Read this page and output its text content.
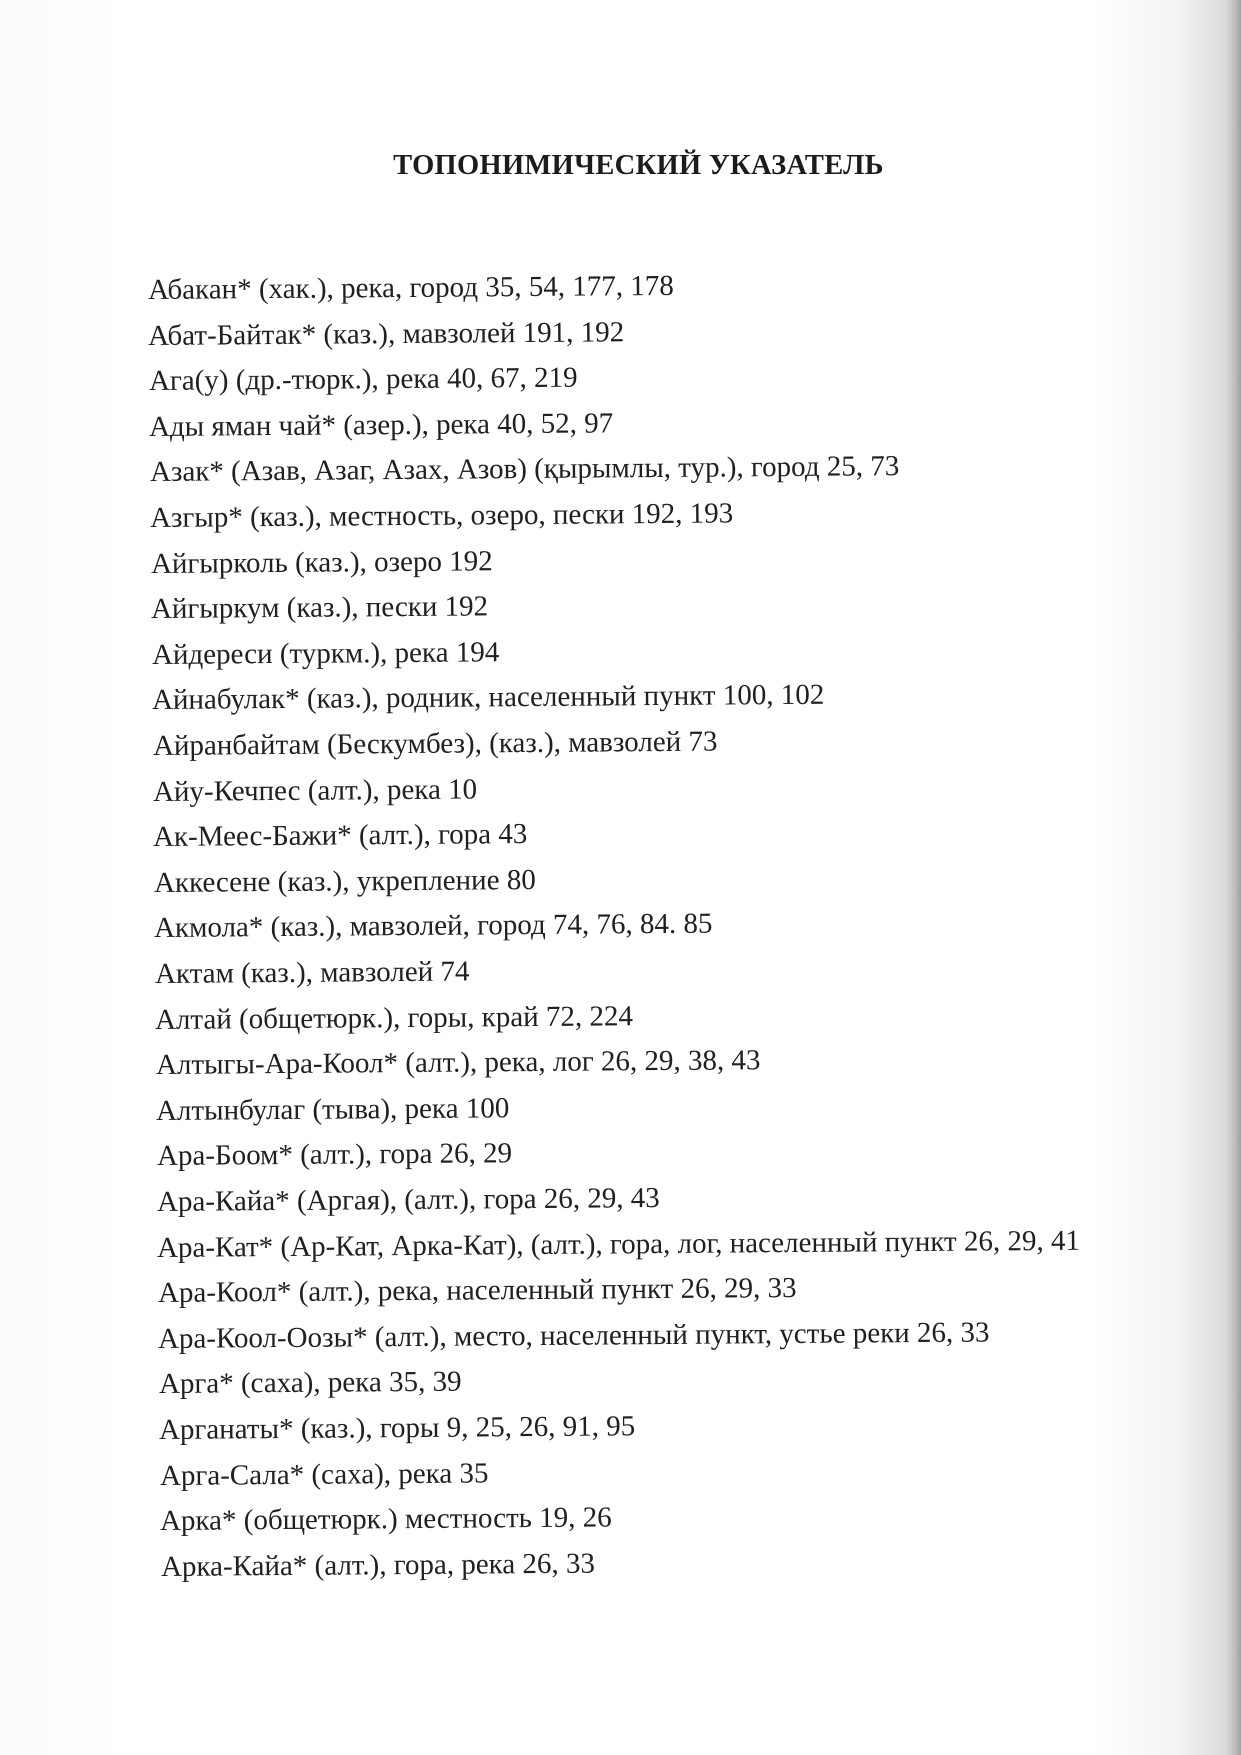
ТОПОНИМИЧЕСКИЙ УКАЗАТЕЛЬ
Абакан* (хак.), река, город 35, 54, 177, 178
Абат-Байтак* (каз.), мавзолей 191, 192
Ага(у) (др.-тюрк.), река 40, 67, 219
Ады яман чай* (азер.), река 40, 52, 97
Азак* (Азав, Азаг, Азах, Азов) (қырымлы, тур.), город 25, 73
Азгыр* (каз.), местность, озеро, пески 192, 193
Айгырколь (каз.), озеро 192
Айгыркум (каз.), пески 192
Айдереси (туркм.), река 194
Айнабулак* (каз.), родник, населенный пункт 100, 102
Айранбайтам (Бескумбез), (каз.), мавзолей 73
Айу-Кечпес (алт.), река 10
Ак-Меес-Бажи* (алт.), гора 43
Аккесене (каз.), укрепление 80
Акмола* (каз.), мавзолей, город 74, 76, 84. 85
Актам (каз.), мавзолей 74
Алтай (общетюрк.), горы, край 72, 224
Алтыгы-Ара-Коол* (алт.), река, лог 26, 29, 38, 43
Алтынбулаг (тыва), река 100
Ара-Боом* (алт.), гора 26, 29
Ара-Кайа* (Аргая), (алт.), гора 26, 29, 43
Ара-Кат* (Ар-Кат, Арка-Кат), (алт.), гора, лог, населенный пункт 26, 29, 41
Ара-Коол* (алт.), река, населенный пункт 26, 29, 33
Ара-Коол-Оозы* (алт.), место, населенный пункт, устье реки 26, 33
Арга* (саха), река 35, 39
Арганаты* (каз.), горы 9, 25, 26, 91, 95
Арга-Сала* (саха), река 35
Арка* (общетюрк.) местность 19, 26
Арка-Кайа* (алт.), гора, река 26, 33
